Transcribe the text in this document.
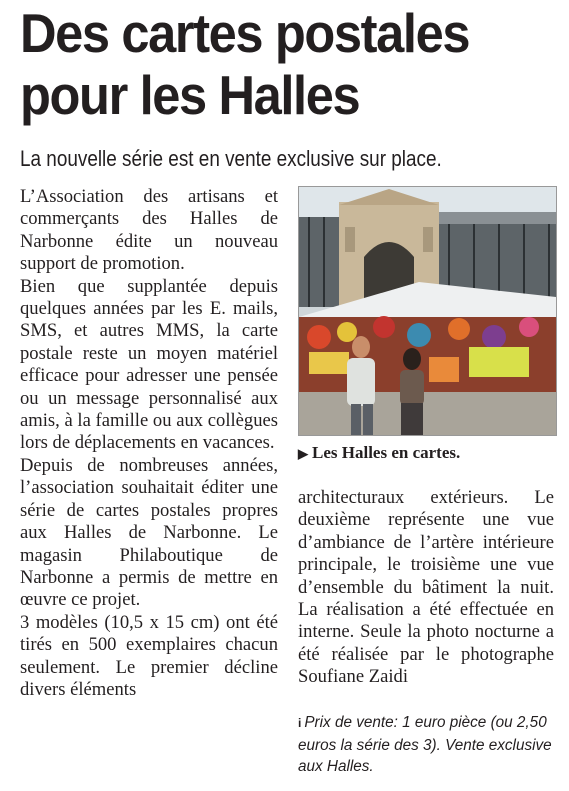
Des cartes postales pour les Halles
La nouvelle série est en vente exclusive sur place.

L’Association des artisans et commerçants des Halles de Narbonne édite un nouveau support de promotion.

Bien que supplantée depuis quelques années par les E. mails, SMS, et autres MMS, la carte postale reste un moyen matériel efficace pour adresser une pensée ou un message personnalisé aux amis, à la famille ou aux collègues lors de déplacements en vacances.

Depuis de nombreuses années, l’association souhaitait éditer une série de cartes postales propres aux Halles de Narbonne. Le magasin Philaboutique de Narbonne a permis de mettre en œuvre ce projet.

3 modèles (10,5 x 15 cm) ont été tirés en 500 exemplaires chacun seulement. Le premier décline divers éléments

▶ Les Halles en cartes.

architecturaux extérieurs. Le deuxième représente une vue d’ambiance de l’artère intérieure principale, le troisième une vue d’ensemble du bâtiment la nuit. La réalisation a été effectuée en interne. Seule la photo nocturne a été réalisée par le photographe Soufiane Zaidi

i Prix de vente: 1 euro pièce (ou 2,50 euros la série des 3). Vente exclusive aux Halles.
